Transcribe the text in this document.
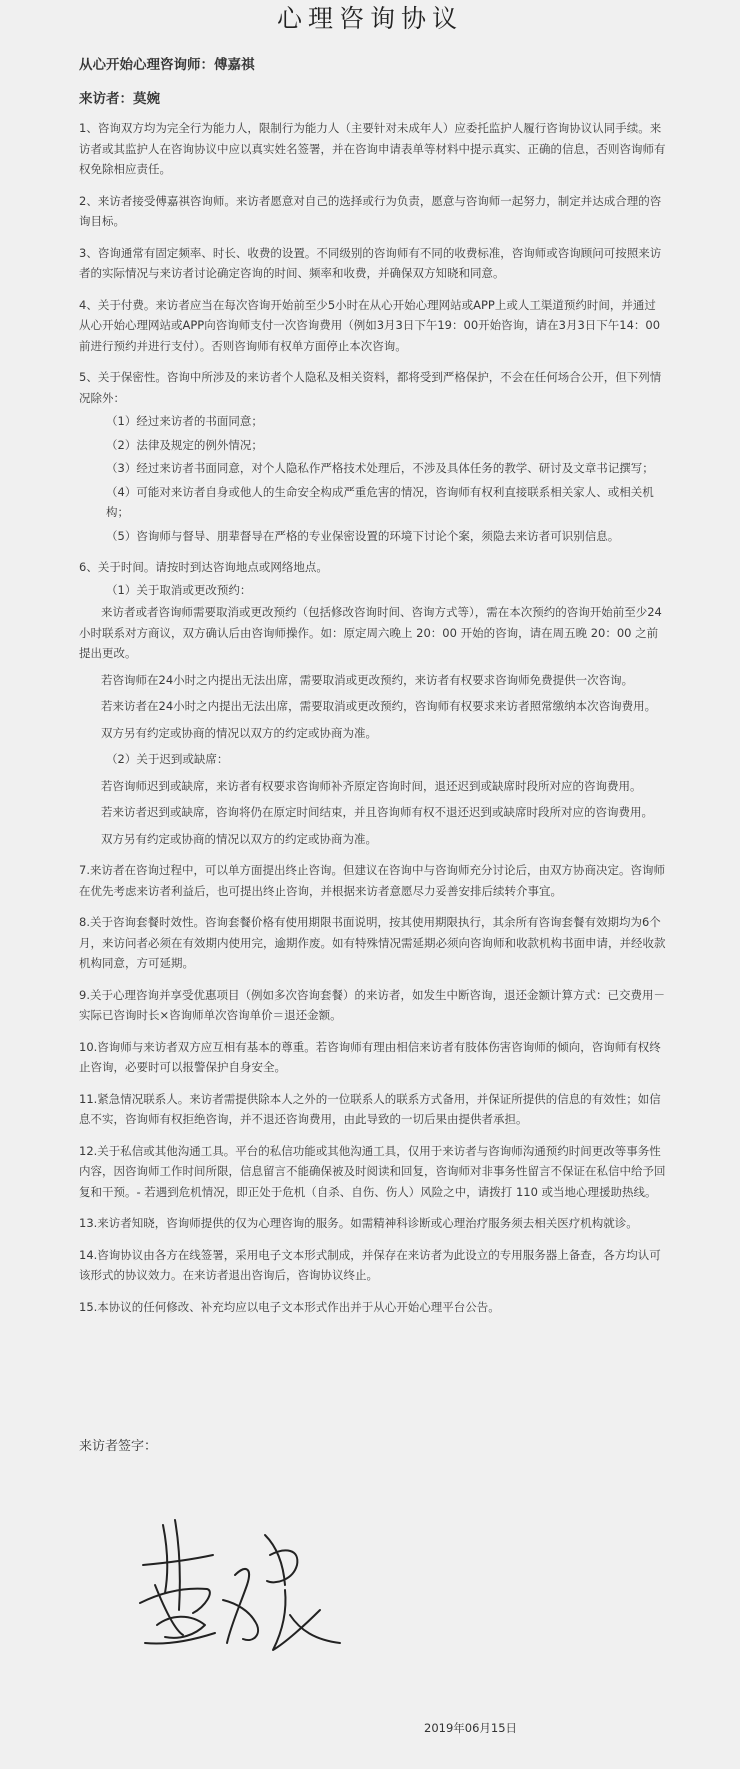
心理咨询协议
从心开始心理咨询师：傅嘉祺
来访者：莫婉

1、咨询双方均为完全行为能力人，限制行为能力人（主要针对未成年人）应委托监护人履行咨询协议认同手续。来访者或其监护人在咨询协议中应以真实姓名签署，并在咨询申请表单等材料中提示真实、正确的信息，否则咨询师有权免除相应责任。

2、来访者接受傅嘉祺咨询师。来访者愿意对自己的选择或行为负责，愿意与咨询师一起努力，制定并达成合理的咨询目标。

3、咨询通常有固定频率、时长、收费的设置。不同级别的咨询师有不同的收费标准，咨询师或咨询顾问可按照来访者的实际情况与来访者讨论确定咨询的时间、频率和收费，并确保双方知晓和同意。

4、关于付费。来访者应当在每次咨询开始前至少5小时在从心开始心理网站或APP上或人工渠道预约时间，并通过从心开始心理网站或APP向咨询师支付一次咨询费用（例如3月3日下午19：00开始咨询，请在3月3日下午14：00前进行预约并进行支付）。否则咨询师有权单方面停止本次咨询。

5、关于保密性。咨询中所涉及的来访者个人隐私及相关资料，都将受到严格保护，不会在任何场合公开，但下列情况除外：

（1）经过来访者的书面同意；

（2）法律及规定的例外情况；

（3）经过来访者书面同意，对个人隐私作严格技术处理后，不涉及具体任务的教学、研讨及文章书记撰写；

（4）可能对来访者自身或他人的生命安全构成严重危害的情况，咨询师有权利直接联系相关家人、或相关机构；

（5）咨询师与督导、朋辈督导在严格的专业保密设置的环境下讨论个案，须隐去来访者可识别信息。

6、关于时间。请按时到达咨询地点或网络地点。

（1）关于取消或更改预约：

来访者或者咨询师需要取消或更改预约（包括修改咨询时间、咨询方式等），需在本次预约的咨询开始前至少24小时联系对方商议，双方确认后由咨询师操作。如：原定周六晚上 20：00 开始的咨询，请在周五晚 20：00 之前提出更改。

若咨询师在24小时之内提出无法出席，需要取消或更改预约，来访者有权要求咨询师免费提供一次咨询。

若来访者在24小时之内提出无法出席，需要取消或更改预约，咨询师有权要求来访者照常缴纳本次咨询费用。

双方另有约定或协商的情况以双方的约定或协商为准。

（2）关于迟到或缺席：

若咨询师迟到或缺席，来访者有权要求咨询师补齐原定咨询时间，退还迟到或缺席时段所对应的咨询费用。

若来访者迟到或缺席，咨询将仍在原定时间结束，并且咨询师有权不退还迟到或缺席时段所对应的咨询费用。

双方另有约定或协商的情况以双方的约定或协商为准。

7.来访者在咨询过程中，可以单方面提出终止咨询。但建议在咨询中与咨询师充分讨论后，由双方协商决定。咨询师在优先考虑来访者利益后，也可提出终止咨询，并根据来访者意愿尽力妥善安排后续转介事宜。

8.关于咨询套餐时效性。咨询套餐价格有使用期限书面说明，按其使用期限执行，其余所有咨询套餐有效期均为6个月，来访问者必须在有效期内使用完，逾期作废。如有特殊情况需延期必须向咨询师和收款机构书面申请，并经收款机构同意，方可延期。

9.关于心理咨询并享受优惠项目（例如多次咨询套餐）的来访者，如发生中断咨询，退还金额计算方式：已交费用－实际已咨询时长×咨询师单次咨询单价＝退还金额。

10.咨询师与来访者双方应互相有基本的尊重。若咨询师有理由相信来访者有肢体伤害咨询师的倾向，咨询师有权终止咨询，必要时可以报警保护自身安全。

11.紧急情况联系人。来访者需提供除本人之外的一位联系人的联系方式备用，并保证所提供的信息的有效性；如信息不实，咨询师有权拒绝咨询，并不退还咨询费用，由此导致的一切后果由提供者承担。

12.关于私信或其他沟通工具。平台的私信功能或其他沟通工具，仅用于来访者与咨询师沟通预约时间更改等事务性内容，因咨询师工作时间所限，信息留言不能确保被及时阅读和回复，咨询师对非事务性留言不保证在私信中给予回复和干预。- 若遇到危机情况，即正处于危机（自杀、自伤、伤人）风险之中，请拨打 110 或当地心理援助热线。

13.来访者知晓，咨询师提供的仅为心理咨询的服务。如需精神科诊断或心理治疗服务须去相关医疗机构就诊。

14.咨询协议由各方在线签署，采用电子文本形式制成，并保存在来访者为此设立的专用服务器上备查，各方均认可该形式的协议效力。在来访者退出咨询后，咨询协议终止。

15.本协议的任何修改、补充均应以电子文本形式作出并于从心开始心理平台公告。

来访者签字：
2019年06月15日
